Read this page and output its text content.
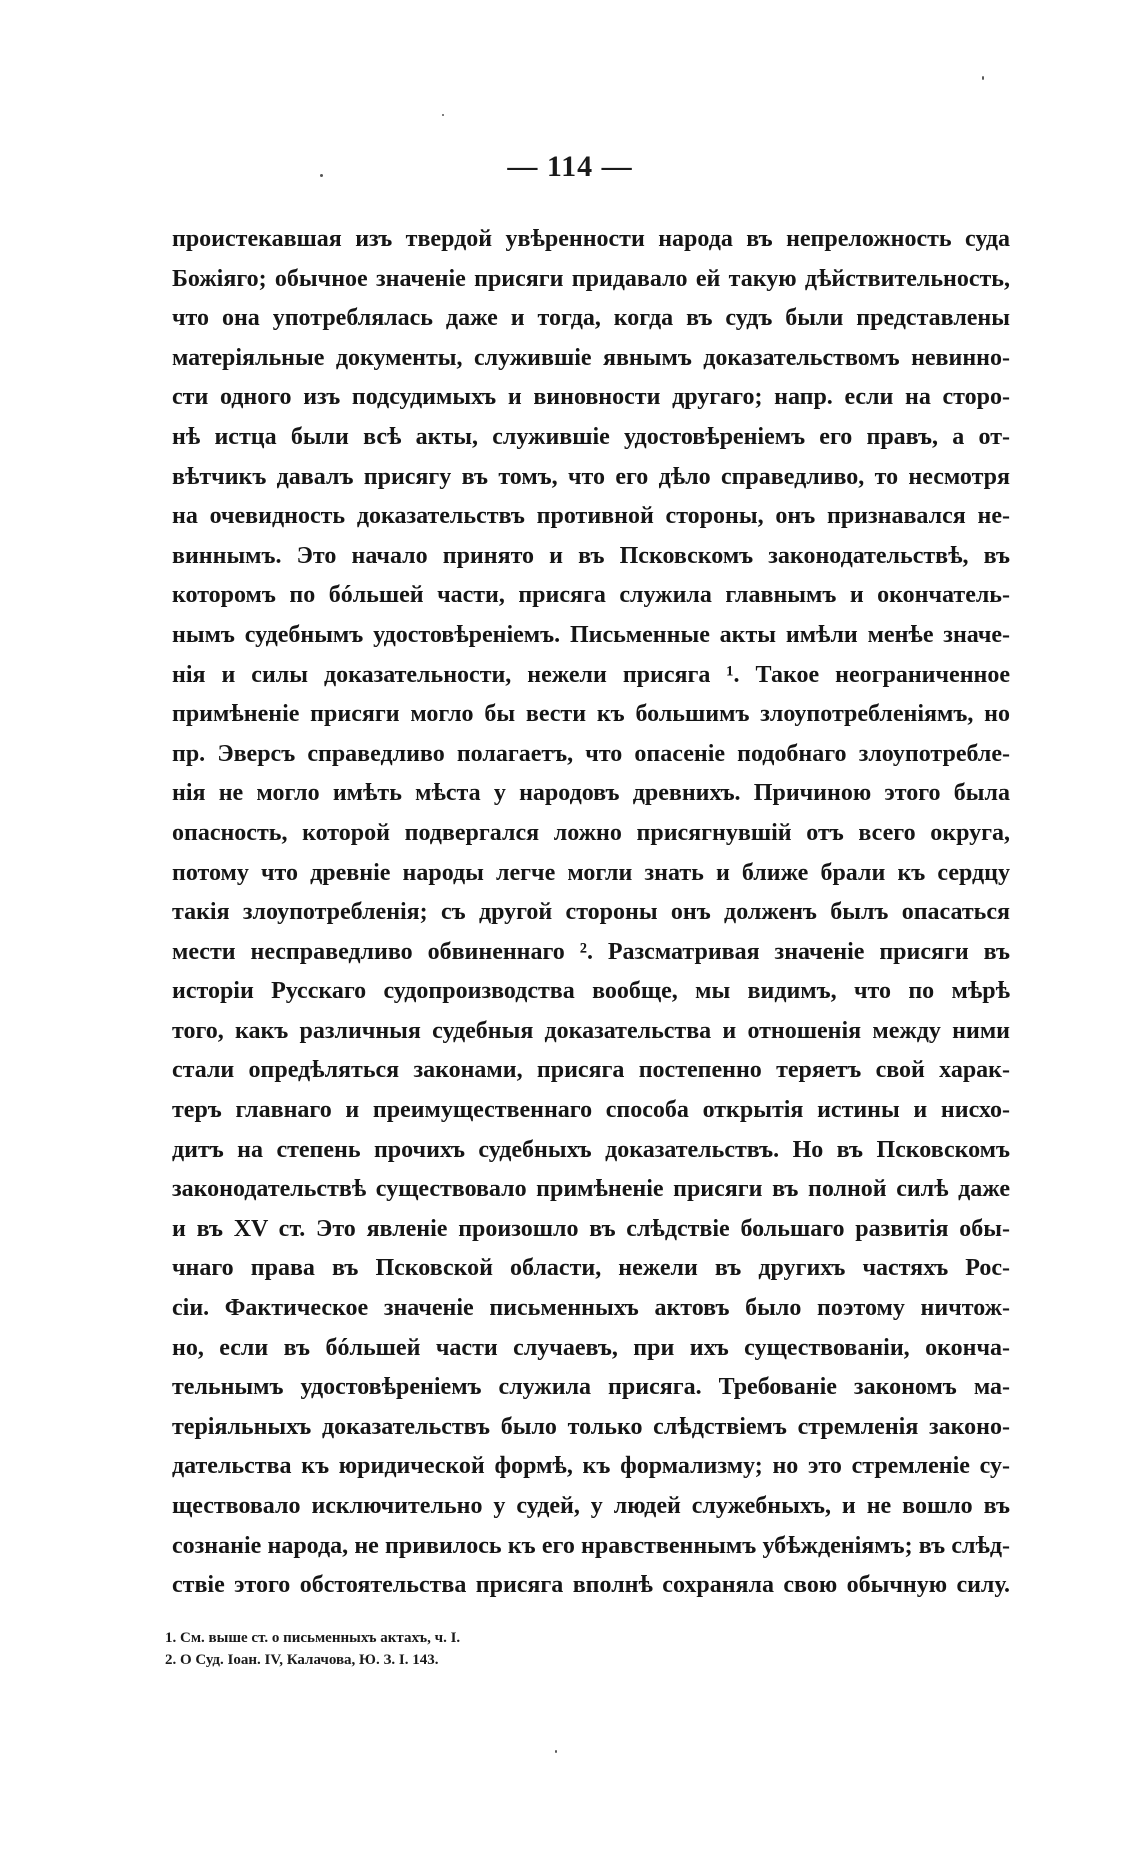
— 114 —
проистекавшая изъ твердой увѣренности народа въ непреложность суда
Божіяго; обычное значеніе присяги придавало ей такую дѣйствительность,
что она употреблялась даже и тогда, когда въ судъ были представлены
матеріяльные документы, служившіе явнымъ доказательствомъ невинно-
сти одного изъ подсудимыхъ и виновности другаго; напр. если на сторо-
нѣ истца были всѣ акты, служившіе удостовѣреніемъ его правъ, а от-
вѣтчикъ давалъ присягу въ томъ, что его дѣло справедливо, то несмотря
на очевидность доказательствъ противной стороны, онъ признавался не-
виннымъ. Это начало принято и въ Псковскомъ законодательствѣ, въ
которомъ по бóльшей части, присяга служила главнымъ и окончатель-
нымъ судебнымъ удостовѣреніемъ. Письменные акты имѣли менѣе значе-
нія и силы доказательности, нежели присяга ¹. Такое неограниченное
примѣненіе присяги могло бы вести къ большимъ злоупотребленіямъ, но
пр. Эверсъ справедливо полагаетъ, что опасеніе подобнаго злоупотребле-
нія не могло имѣть мѣста у народовъ древнихъ. Причиною этого была
опасность, которой подвергался ложно присягнувшій отъ всего округа,
потому что древніе народы легче могли знать и ближе брали къ сердцу
такія злоупотребленія; съ другой стороны онъ долженъ былъ опасаться
мести несправедливо обвиненнаго ². Разсматривая значеніе присяги въ
исторіи Русскаго судопроизводства вообще, мы видимъ, что по мѣрѣ
того, какъ различныя судебныя доказательства и отношенія между ними
стали опредѣляться законами, присяга постепенно теряетъ свой харак-
теръ главнаго и преимущественнаго способа открытія истины и нисхо-
дитъ на степень прочихъ судебныхъ доказательствъ. Но въ Псковскомъ
законодательствѣ существовало примѣненіе присяги въ полной силѣ даже
и въ XV ст. Это явленіе произошло въ слѣдствіе большаго развитія обы-
чнаго права въ Псковской области, нежели въ другихъ частяхъ Рос-
сіи. Фактическое значеніе письменныхъ актовъ было поэтому ничтож-
но, если въ бóльшей части случаевъ, при ихъ существованіи, оконча-
тельнымъ удостовѣреніемъ служила присяга. Требованіе закономъ ма-
теріяльныхъ доказательствъ было только слѣдствіемъ стремленія законо-
дательства къ юридической формѣ, къ формализму; но это стремленіе су-
ществовало исключительно у судей, у людей служебныхъ, и не вошло въ
сознаніе народа, не привилось къ его нравственнымъ убѣжденіямъ; въ слѣд-
ствіе этого обстоятельства присяга вполнѣ сохраняла свою обычную силу.
1. См. выше ст. о письменныхъ актахъ, ч. I.
2. О Суд. Іоан. IV, Калачова, Ю. З. I. 143.
